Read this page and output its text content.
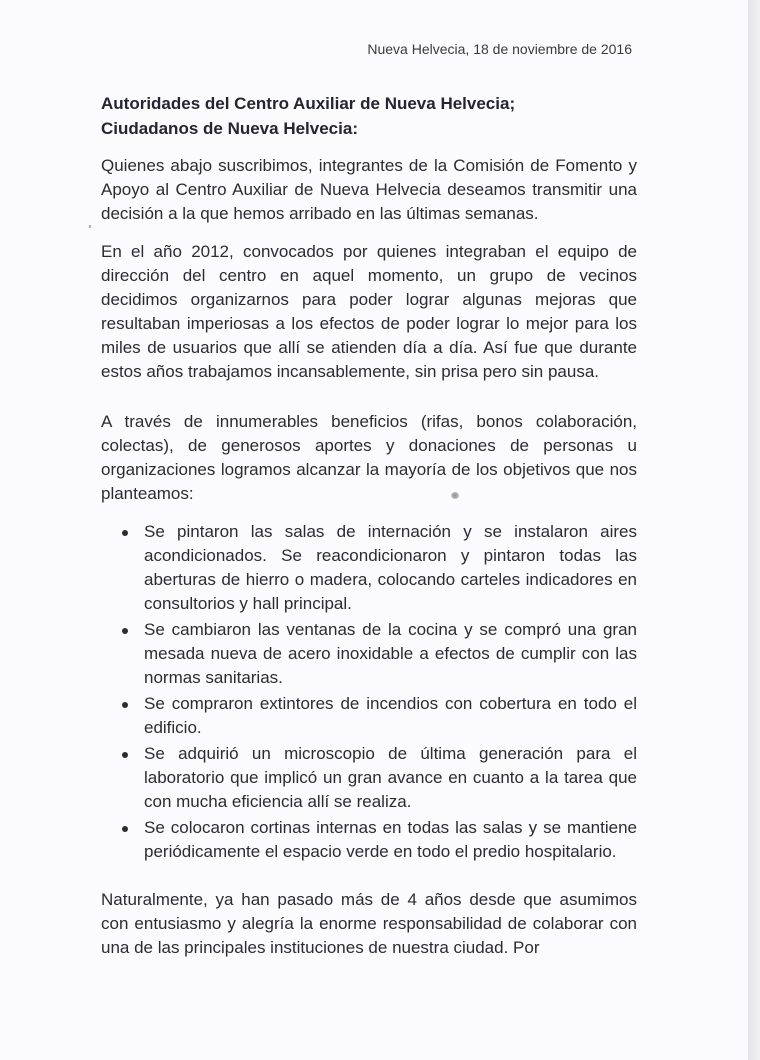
Nueva Helvecia, 18 de noviembre de 2016
Autoridades del Centro Auxiliar de Nueva Helvecia;
Ciudadanos de Nueva Helvecia:

Quienes abajo suscribimos, integrantes de la Comisión de Fomento y Apoyo al Centro Auxiliar de Nueva Helvecia deseamos transmitir una decisión a la que hemos arribado en las últimas semanas.

En el año 2012, convocados por quienes integraban el equipo de dirección del centro en aquel momento, un grupo de vecinos decidimos organizarnos para poder lograr algunas mejoras que resultaban imperiosas a los efectos de poder lograr lo mejor para los miles de usuarios que allí se atienden día a día. Así fue que durante estos años trabajamos incansablemente, sin prisa pero sin pausa.

A través de innumerables beneficios (rifas, bonos colaboración, colectas), de generosos aportes y donaciones de personas u organizaciones logramos alcanzar la mayoría de los objetivos que nos planteamos:

Se pintaron las salas de internación y se instalaron aires acondicionados. Se reacondicionaron y pintaron todas las aberturas de hierro o madera, colocando carteles indicadores en consultorios y hall principal.
Se cambiaron las ventanas de la cocina y se compró una gran mesada nueva de acero inoxidable a efectos de cumplir con las normas sanitarias.
Se compraron extintores de incendios con cobertura en todo el edificio.
Se adquirió un microscopio de última generación para el laboratorio que implicó un gran avance en cuanto a la tarea que con mucha eficiencia allí se realiza.
Se colocaron cortinas internas en todas las salas y se mantiene periódicamente el espacio verde en todo el predio hospitalario.

Naturalmente, ya han pasado más de 4 años desde que asumimos con entusiasmo y alegría la enorme responsabilidad de colaborar con una de las principales instituciones de nuestra ciudad. Por
